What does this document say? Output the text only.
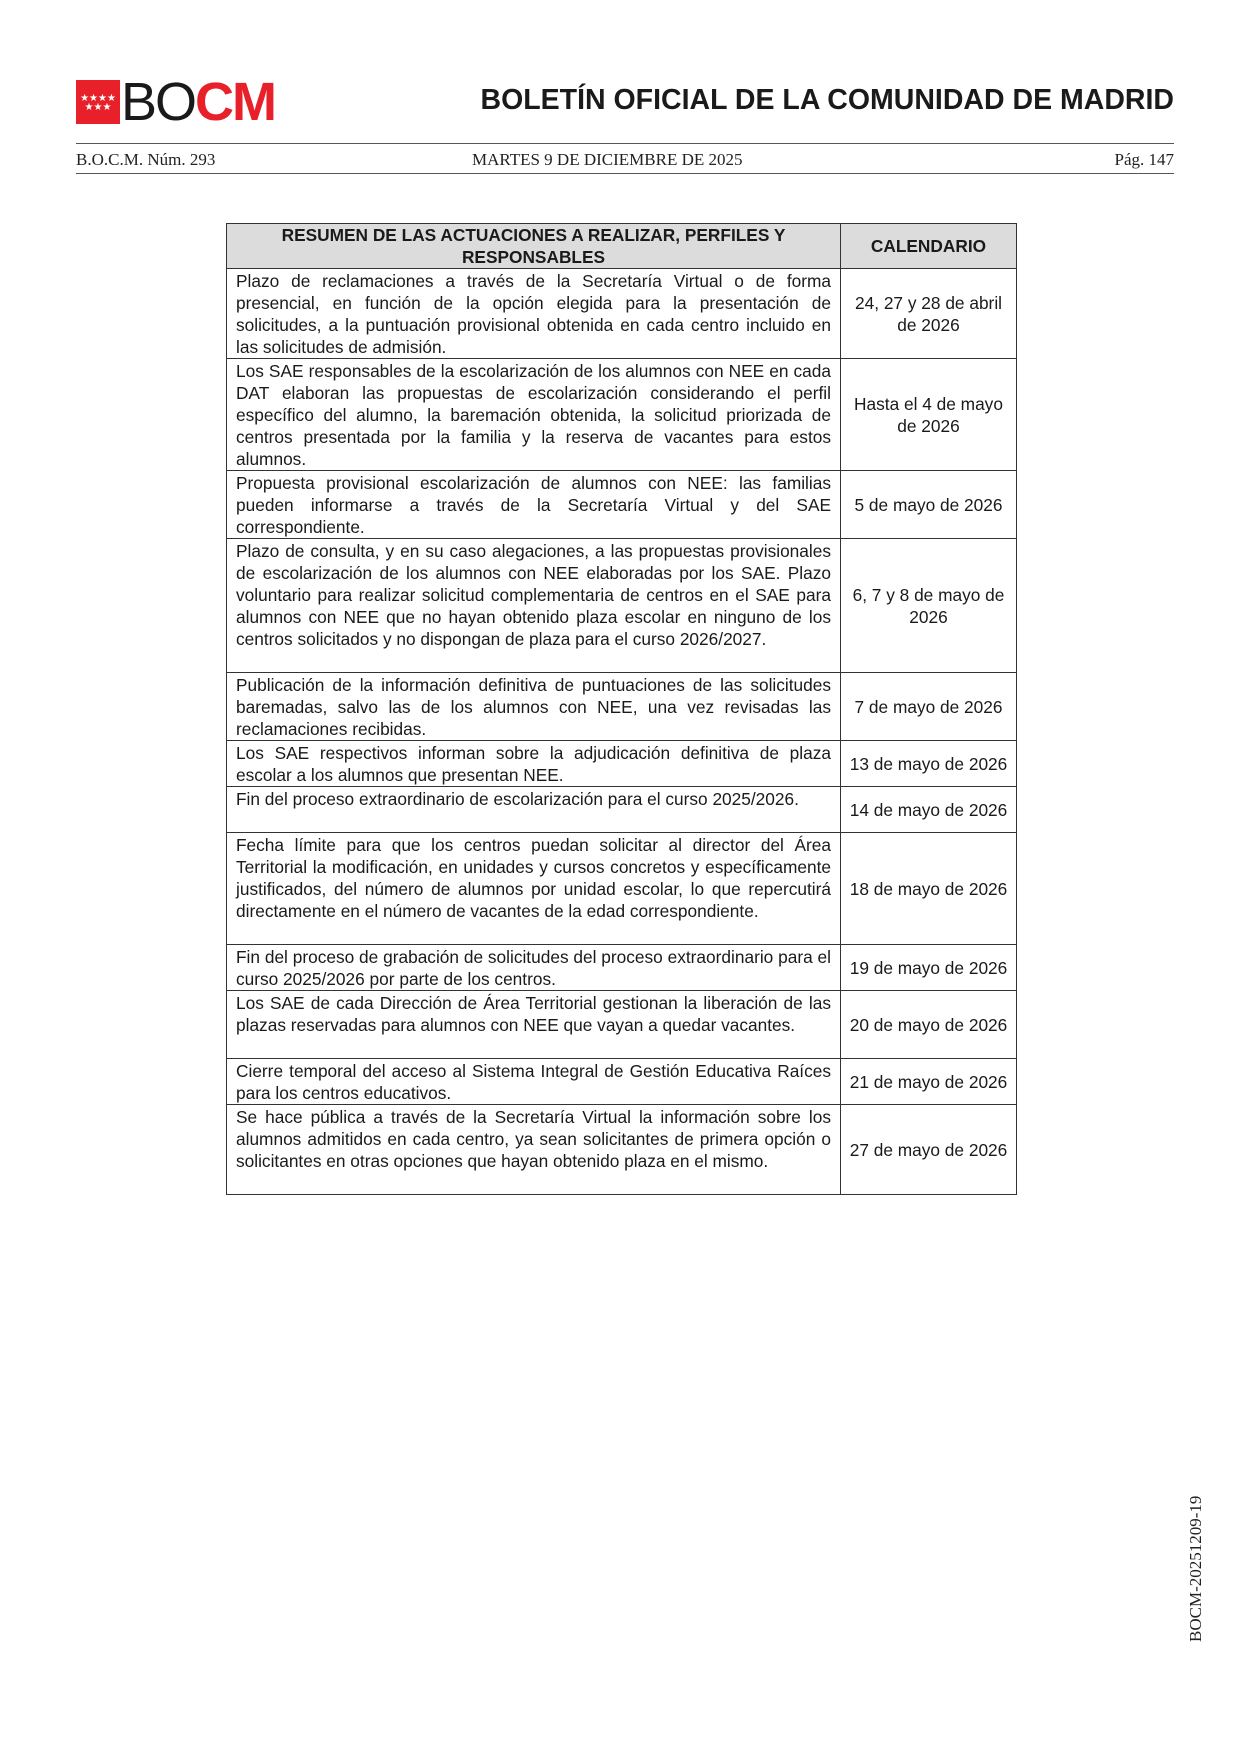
★★★★
★★★ BOCM	BOLETÍN OFICIAL DE LA COMUNIDAD DE MADRID
B.O.C.M. Núm. 293	MARTES 9 DE DICIEMBRE DE 2025	Pág. 147
RESUMEN DE LAS ACTUACIONES A REALIZAR, PERFILES Y RESPONSABLES	CALENDARIO
Plazo de reclamaciones a través de la Secretaría Virtual o de forma presencial, en función de la opción elegida para la presentación de solicitudes, a la puntuación provisional obtenida en cada centro incluido en las solicitudes de admisión.	24, 27 y 28 de abril de 2026
Los SAE responsables de la escolarización de los alumnos con NEE en cada DAT elaboran las propuestas de escolarización considerando el perfil específico del alumno, la baremación obtenida, la solicitud priorizada de centros presentada por la familia y la reserva de vacantes para estos alumnos.	Hasta el 4 de mayo de 2026
Propuesta provisional escolarización de alumnos con NEE: las familias pueden informarse a través de la Secretaría Virtual y del SAE correspondiente.	5 de mayo de 2026
Plazo de consulta, y en su caso alegaciones, a las propuestas provisionales de escolarización de los alumnos con NEE elaboradas por los SAE. Plazo voluntario para realizar solicitud complementaria de centros en el SAE para alumnos con NEE que no hayan obtenido plaza escolar en ninguno de los centros solicitados y no dispongan de plaza para el curso 2026/2027.	6, 7 y 8 de mayo de 2026
Publicación de la información definitiva de puntuaciones de las solicitudes baremadas, salvo las de los alumnos con NEE, una vez revisadas las reclamaciones recibidas.	7 de mayo de 2026
Los SAE respectivos informan sobre la adjudicación definitiva de plaza escolar a los alumnos que presentan NEE.	13 de mayo de 2026
Fin del proceso extraordinario de escolarización para el curso 2025/2026.	14 de mayo de 2026
Fecha límite para que los centros puedan solicitar al director del Área Territorial la modificación, en unidades y cursos concretos y específicamente justificados, del número de alumnos por unidad escolar, lo que repercutirá directamente en el número de vacantes de la edad correspondiente.	18 de mayo de 2026
Fin del proceso de grabación de solicitudes del proceso extraordinario para el curso 2025/2026 por parte de los centros.	19 de mayo de 2026
Los SAE de cada Dirección de Área Territorial gestionan la liberación de las plazas reservadas para alumnos con NEE que vayan a quedar vacantes.	20 de mayo de 2026
Cierre temporal del acceso al Sistema Integral de Gestión Educativa Raíces para los centros educativos.	21 de mayo de 2026
Se hace pública a través de la Secretaría Virtual la información sobre los alumnos admitidos en cada centro, ya sean solicitantes de primera opción o solicitantes en otras opciones que hayan obtenido plaza en el mismo.	27 de mayo de 2026
BOCM-20251209-19
